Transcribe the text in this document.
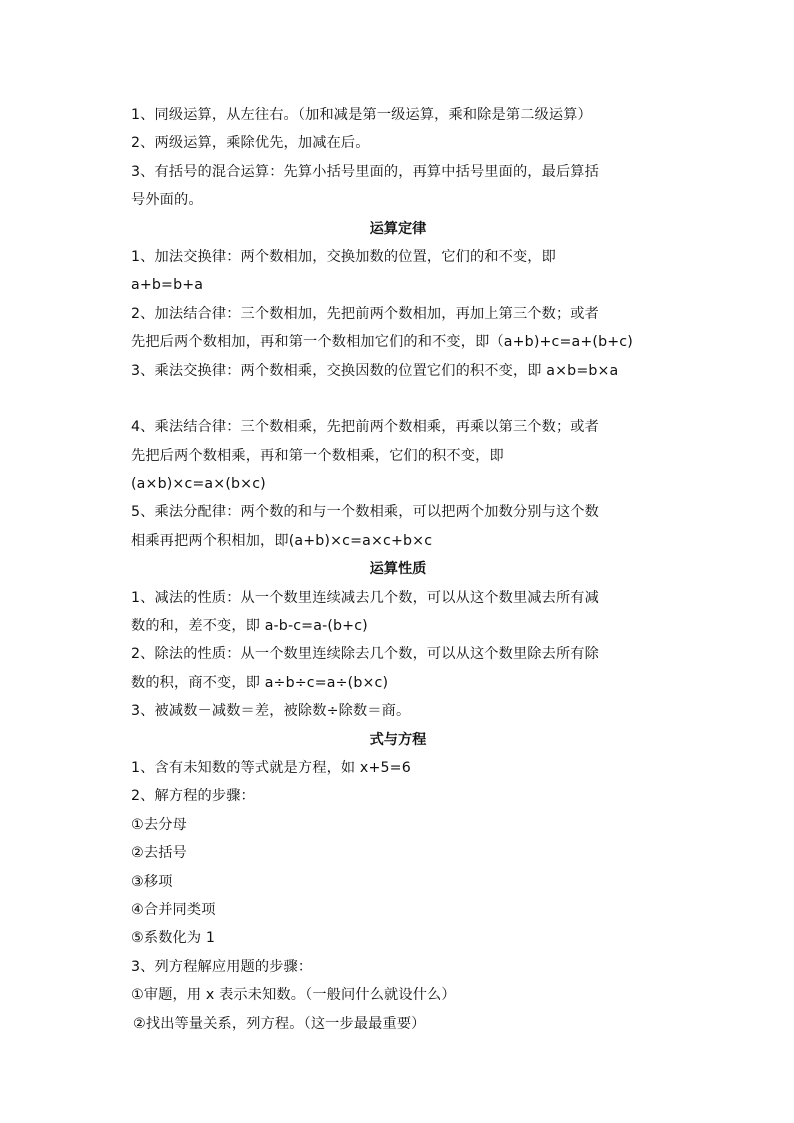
1、同级运算，从左往右。（加和减是第一级运算，乘和除是第二级运算）
2、两级运算，乘除优先，加减在后。
3、有括号的混合运算：先算小括号里面的，再算中括号里面的，最后算括
号外面的。
运算定律
1、加法交换律：两个数相加，交换加数的位置，它们的和不变，即
a+b=b+a
2、加法结合律：三个数相加，先把前两个数相加，再加上第三个数；或者
先把后两个数相加，再和第一个数相加它们的和不变，即（a+b)+c=a+(b+c)
3、乘法交换律：两个数相乘，交换因数的位置它们的积不变，即 a×b=b×a
4、乘法结合律：三个数相乘，先把前两个数相乘，再乘以第三个数；或者
先把后两个数相乘，再和第一个数相乘，它们的积不变，即
(a×b)×c=a×(b×c)
5、乘法分配律：两个数的和与一个数相乘，可以把两个加数分别与这个数
相乘再把两个积相加，即(a+b)×c=a×c+b×c
运算性质
1、减法的性质：从一个数里连续减去几个数，可以从这个数里减去所有减
数的和，差不变，即 a-b-c=a-(b+c)
2、除法的性质：从一个数里连续除去几个数，可以从这个数里除去所有除
数的积，商不变，即 a÷b÷c=a÷(b×c)
3、被减数－减数＝差，被除数÷除数＝商。
式与方程
1、含有未知数的等式就是方程，如 x+5=6
2、解方程的步骤：
①去分母
②去括号
③移项
④合并同类项
⑤系数化为 1
3、列方程解应用题的步骤：
①审题，用 x 表示未知数。（一般问什么就设什么）
②找出等量关系，列方程。（这一步最最重要）
